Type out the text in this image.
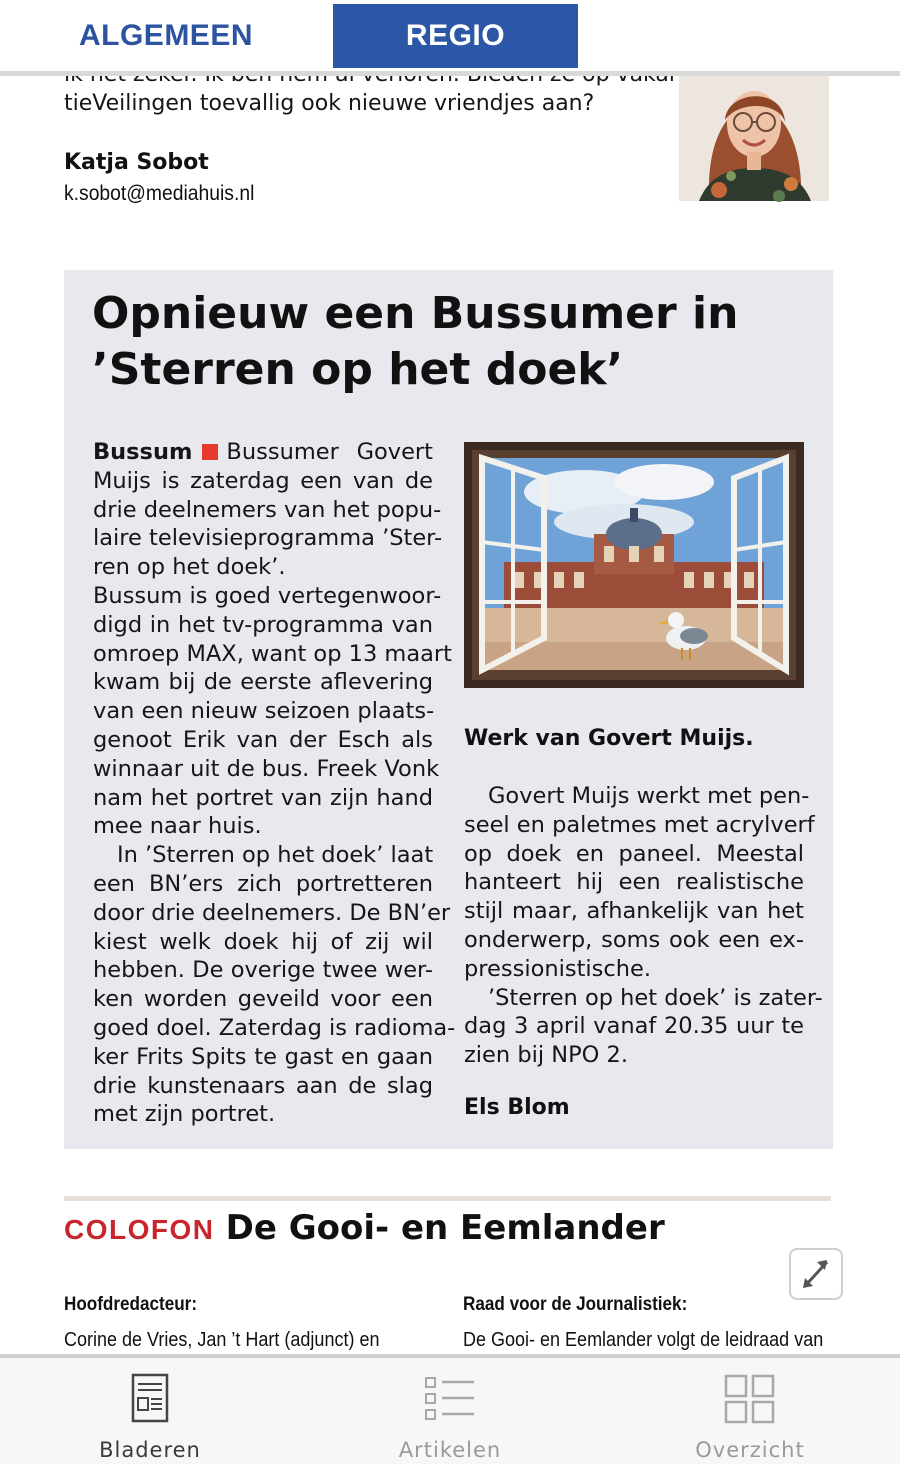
ALGEMEEN	REGIO
tieVeilingen toevallig ook nieuwe vriendjes aan?
Katja Sobot
k.sobot@mediahuis.nl
Opnieuw een Bussumer in
’Sterren op het doek’
Bussum Bussumer Govert
Muijs is zaterdag een van de
drie deelnemers van het popu-
laire televisieprogramma ’Ster-
ren op het doek’.
Bussum is goed vertegenwoor-
digd in het tv-programma van
omroep MAX, want op 13 maart
kwam bij de eerste aflevering
van een nieuw seizoen plaats-
genoot Erik van der Esch als
winnaar uit de bus. Freek Vonk
nam het portret van zijn hand
mee naar huis.
In ’Sterren op het doek’ laat
een BN’ers zich portretteren
door drie deelnemers. De BN’er
kiest welk doek hij of zij wil
hebben. De overige twee wer-
ken worden geveild voor een
goed doel. Zaterdag is radioma-
ker Frits Spits te gast en gaan
drie kunstenaars aan de slag
met zijn portret.
Werk van Govert Muijs.
Govert Muijs werkt met pen-
seel en paletmes met acrylverf
op doek en paneel. Meestal
hanteert hij een realistische
stijl maar, afhankelijk van het
onderwerp, soms ook een ex-
pressionistische.
’Sterren op het doek’ is zater-
dag 3 april vanaf 20.35 uur te
zien bij NPO 2.
Els Blom
COLOFON De Gooi- en Eemlander
Hoofdredacteur:
Corine de Vries, Jan ’t Hart (adjunct) en
Raad voor de Journalistiek:
De Gooi- en Eemlander volgt de leidraad van
Bladeren	Artikelen	Overzicht
